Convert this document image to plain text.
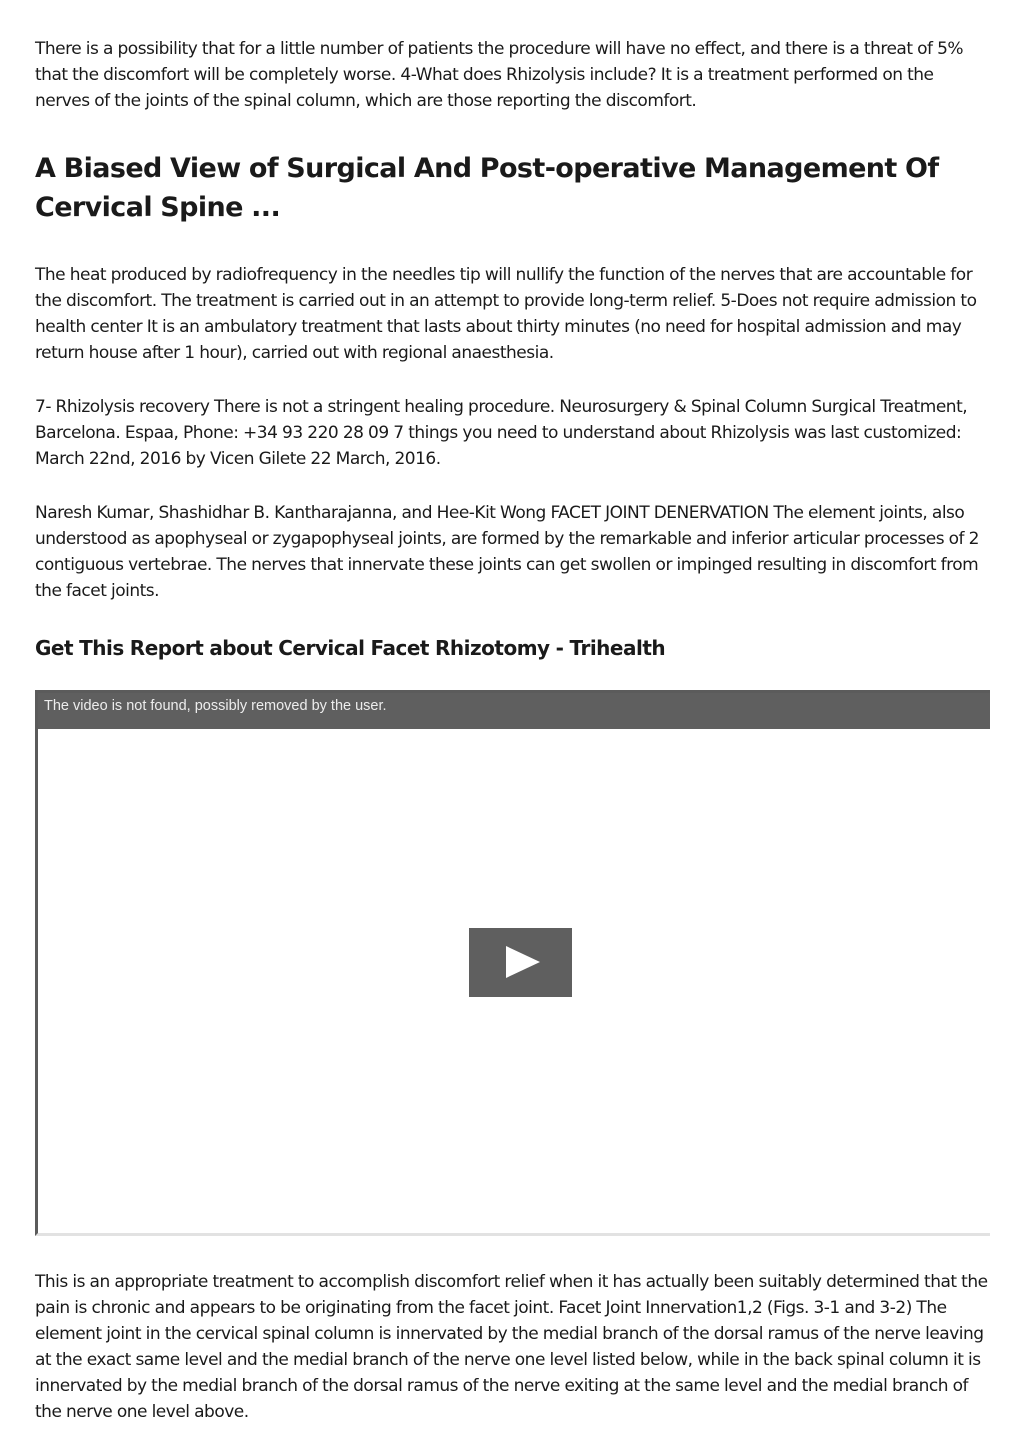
There is a possibility that for a little number of patients the procedure will have no effect, and there is a threat of 5% that the discomfort will be completely worse. 4-What does Rhizolysis include? It is a treatment performed on the nerves of the joints of the spinal column, which are those reporting the discomfort.

A Biased View of Surgical And Post-operative Management Of Cervical Spine ...

The heat produced by radiofrequency in the needles tip will nullify the function of the nerves that are accountable for the discomfort. The treatment is carried out in an attempt to provide long-term relief. 5-Does not require admission to health center It is an ambulatory treatment that lasts about thirty minutes (no need for hospital admission and may return house after 1 hour), carried out with regional anaesthesia.

7- Rhizolysis recovery There is not a stringent healing procedure. Neurosurgery & Spinal Column Surgical Treatment, Barcelona. Espaa, Phone: +34 93 220 28 09 7 things you need to understand about Rhizolysis was last customized: March 22nd, 2016 by Vicen Gilete 22 March, 2016.

Naresh Kumar, Shashidhar B. Kantharajanna, and Hee-Kit Wong FACET JOINT DENERVATION The element joints, also understood as apophyseal or zygapophyseal joints, are formed by the remarkable and inferior articular processes of 2 contiguous vertebrae. The nerves that innervate these joints can get swollen or impinged resulting in discomfort from the facet joints.

Get This Report about Cervical Facet Rhizotomy - Trihealth
The video is not found, possibly removed by the user.

This is an appropriate treatment to accomplish discomfort relief when it has actually been suitably determined that the pain is chronic and appears to be originating from the facet joint. Facet Joint Innervation1,2 (Figs. 3-1 and 3-2) The element joint in the cervical spinal column is innervated by the medial branch of the dorsal ramus of the nerve leaving at the exact same level and the medial branch of the nerve one level listed below, while in the back spinal column it is innervated by the medial branch of the dorsal ramus of the nerve exiting at the same level and the medial branch of the nerve one level above.
